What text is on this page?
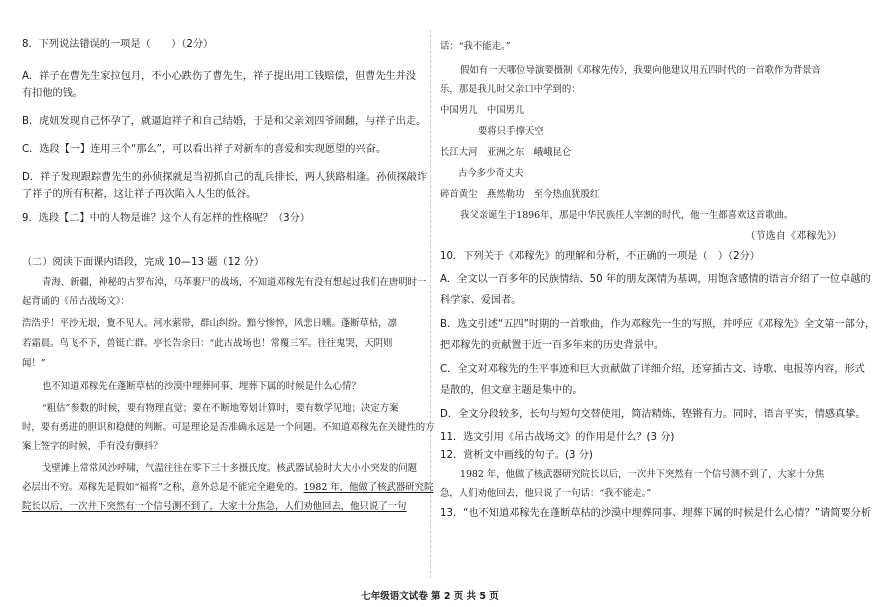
8．下列说法错误的一项是（　　）（2分）

A．祥子在曹先生家拉包月，不小心跌伤了曹先生，祥子提出用工钱赔偿，但曹先生并没

有扣他的钱。

B．虎妞发现自己怀孕了，就逼迫祥子和自己结婚，于是和父亲刘四爷闹翻，与祥子出走。

C．选段【一】连用三个“那么”，可以看出祥子对新车的喜爱和实现愿望的兴奋。

D．祥子发现跟踪曹先生的孙侦探就是当初抓自己的乱兵排长，两人狭路相逢。孙侦探敲诈

了祥子的所有积蓄，这让祥子再次陷入人生的低谷。

9．选段【二】中的人物是谁？这个人有怎样的性格呢？（3分）

（二）阅读下面课内语段，完成 10—13 题（12 分）

青海、新疆，神秘的古罗布淖，马革裹尸的战场，不知道邓稼先有没有想起过我们在唐明时一

起背诵的《吊古战场文》：

浩浩乎！平沙无垠，夐不见人。河水萦带，群山纠纷。黯兮惨悴，风悲日曛。蓬断草枯，凛

若霜晨。鸟飞不下，兽铤亡群。亭长告余曰：“此古战场也！常覆三军。往往鬼哭，天阴则

闻！”

也不知道邓稼先在蓬断草枯的沙漠中埋葬同事、埋葬下属的时候是什么心情？

“粗估”参数的时候，要有物理直觉；要在不断地筹划计算时，要有数学见地；决定方案

时，要有勇进的胆识和稳健的判断。可是理论是否准确永远是一个问题。不知道邓稼先在关键性的方

案上签字的时候，手有没有颤抖？

戈壁滩上常常风沙呼啸，气温往往在零下三十多摄氏度。核武器试验时大大小小突发的问题

必层出不穷。邓稼先是假如“福将”之称，意外总是不能完全避免的。1982 年，他做了核武器研究院

院长以后，一次井下突然有一个信号测不到了，大家十分焦急，人们劝他回去，他只说了一句

话：“我不能走。”

假如有一天哪位导演要摄制《邓稼先传》，我要向他建议用五四时代的一首歌作为背景音

乐，那是我儿时父亲口中学到的：

中国男儿　中国男儿

要将只手撑天空

长江大河　亚洲之东　峨峨昆仑

古今多少奇丈夫

碎首黄尘　燕然勒功　至今热血犹殷红

我父亲诞生于1896年，那是中华民族任人宰割的时代，他一生都喜欢这首歌曲。

（节选自《邓稼先》）

10．下列关于《邓稼先》的理解和分析，不正确的一项是（　）（2分）

A．全文以一百多年的民族情结、50 年的朋友深情为基调，用饱含感情的语言介绍了一位卓越的

科学家、爱国者。

B．选文引述“五四”时期的一首歌曲，作为邓稼先一生的写照，并呼应《邓稼先》全文第一部分，

把邓稼先的贡献置于近一百多年来的历史背景中。

C．全文对邓稼先的生平事迹和巨大贡献做了详细介绍，还穿插古文、诗歌、电报等内容，形式

是散的，但文章主题是集中的。

D．全文分段较多，长句与短句交替使用，简洁精炼，铿锵有力。同时，语言平实，情感真挚。

11．选文引用《吊古战场文》的作用是什么？(3 分)

12．赏析文中画线的句子。(3 分)

1982 年，他做了核武器研究院长以后，一次井下突然有一个信号测不到了，大家十分焦

急，人们劝他回去，他只说了一句话：“我不能走。”

13．“也不知道邓稼先在蓬断草枯的沙漠中埋葬同事、埋葬下属的时候是什么心情？”请简要分析

七年级语文试卷 第 2 页 共 5 页
